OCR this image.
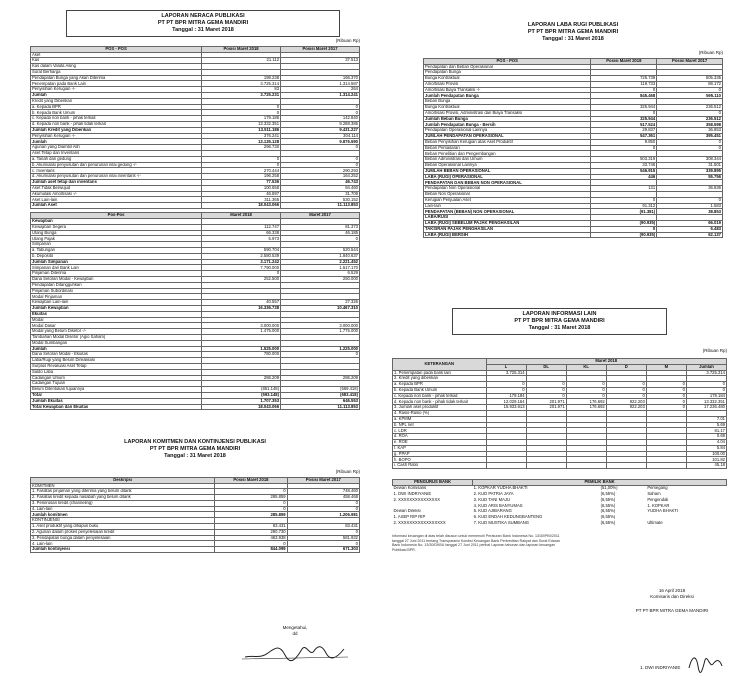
LAPORAN NERACA PUBLIKASI
PT PT BPR MITRA GEMA MANDIRI
Tanggal : 31 Maret 2018
(Ribuan Rp)
POS - POS	Posisi Maret 2018	Posisi Maret 2017
Aset		
Kas	21.112	37.513
Kas dalam Valuta Asing		
Surat Berharga		
Pendapatan Bunga yang Akan Diterima	198.238	166.370
Penempatan pada Bank Lain	3.725.314	1.314.587
Penyisihan Kerugian -/-	83	264
Jumlah	3.725.231	1.314.241
Kredit yang Diberikan		
a. Kepada BPR	0	0
b. Kepada Bank Umum	0	0
c. Kepada non bank - pihak terkait	179.186	142.840
d. Kepada non bank - pihak tidak terkait	13.332.351	9.288.386
Jumlah Kredit yang Diberikan	13.511.186	9.431.227
Penyisihan Kerugian -/-	376.241	304.114
Jumlah	13.135.128	9.876.590
Agunan yang Diambil Alih	296.730	0
Aset Tetap dan Inventaris		
a. Tanah dan gedung	0	0
b. Akumulasi penyusutan dan penurunan nilai gedung -/-	0	0
c. Inventaris	270.444	290.293
d. Akumulasi penyusutan dan penurunan nilai inventaris -/-	196.258	164.252
Jumlah aset tetap dan inventaris	77.536	46.743
Aset Tidak Berwujud	100.658	94.460
Akumulasi Amortisasi -/-	46.697	31.709
Aset Lain-lain	311.365	530.152
Jumlah Aset	18.043.066	11.113.853
Pos-Pos	Maret 2018	Maret 2017
Kewajiban		
Kewajiban Segera	112.747	81.373
Utang Bunga	66.338	46.185
Utang Pajak	5.973	0
Simpanan		
a. Tabungan	590.704	520.544
b. Deposito	2.580.539	1.840.637
Jumlah Simpanan	3.171.242	2.221.452
Simpanan dari Bank Lain	7.790.000	1.517.170
Pinjaman Diterima	0	6.529
Dana Setoran Modal - Kewajiban	252.500	250.000
Pendapatan Ditangguhkan		
Pinjaman Subordinasi		
Modal Pinjaman		
Kewajiban Lain-lain	40.557	27.326
Jumlah Kewajiban	16.336.738	10.467.310
Ekuitas		
Modal		
Modal Dasar	3.000.000	3.000.000
Modal yang Belum Disetor -/-	1.475.000	1.775.000
Tambahan Modal Disetor (Agio Saham)		
Modal Sumbangan		
Jumlah	1.525.000	1.225.000
Dana Setoran Modal - Ekuitas	780.000	0
Laba/Rugi yang Belum Direalisasi		
Surplus Revaluasi Aset Tetap		
Saldo Laba		
Cadangan Umum	286.209	286.209
Cadangan Tujuan		
Belum Ditentukan tujuannya	(851.148)	(569.418)
Total	(593.148)	(683.418)
Jumlah Ekuitas	1.707.353	646.553
Total Kewajiban dan Ekuitas	18.043.066	11.113.853
LAPORAN KOMITMEN DAN KONTINJENSI PUBLIKASI
PT PT BPR MITRA GEMA MANDIRI
Tanggal : 31 Maret 2018
(Ribuan Rp)
Deskripsi	Posisi Maret 2018	Posisi Maret 2017
KOMITMEN		
1. Fasilitas pinjaman yang diterima yang belum ditarik	0	748.460
2. Fasilitas kredit kepada nasabah yang belum ditarik	285.859	458.468
3. Penerusan kredit (channeling)	0	0
4. Lain-lain	0	0
Jumlah komitmen	285.859	1.206.981
KONTINJENSI		
1. Aset produktif yang dihapus buku	83.431	83.431
2. Agunan dalam proses penyelesaian kredit	290.730	0
3. Pendapatan bunga dalam penyelesaian	463.938	581.932
4. Lain-lain	0	0
Jumlah kontinjensi	844.099	671.303
Mengetahui,
dd
LAPORAN LABA RUGI PUBLIKASI
PT PT BPR MITRA GEMA MANDIRI
Tanggal : 31 Maret 2018
(Ribuan Rp)
POS - POS	Posisi Maret 2018	Posisi Maret 2017
Pendapatan dan Beban Operasional		
Pendapatan Bunga		
Bunga Kontraktual	725.739	505.335
Amortisasi Provisi	119.733	88.172
Amortisasi Biaya Transaksi -/-	0	0
Jumlah Pendapatan Bunga	845.468	595.110
Beban Bunga		
Bunga Kontraktual	325.944	236.512
Amortisasi Provisi, Administrasi dan Biaya Transaksi	0	0
Jumlah Beban Bunga	325.944	236.512
Jumlah Pendapatan Bunga - Bersih	517.524	358.598
Pendapatan Operasional Lainnya	29.837	36.853
JUMLAH PENDAPATAN OPERASIONAL	547.361	395.451
Beban Penyisihan Kerugian atas Aset Produktif	9.850	0
Beban Pemasaran	0	0
Beban Penelitian dan Pengembangan		
Beban Administrasi dan Umum	503.319	308.344
Beban Operasional Lainnya	33.746	31.501
JUMLAH BEBAN OPERASIONAL	546.915	339.895
LABA (RUGI) OPERASIONAL	446	55.756
PENDAPATAN DAN BEBAN NON OPERASIONAL		
Pendapatan Non Operasional	131	36.836
Beban Non Operasional		
Kerugian Penjualan Aset	0	0
Lain-lain	91.312	1.583
PENDAPATAN (BEBAN) NON OPERASIONAL	(91.381)	38.853
LABA/RUGI		
LABA (RUGI) SEBELUM PAJAK PENGHASILAN	(90.935)	66.019
TAKSIRAN PAJAK PENGHASILAN	0	6.483
LABA (RUGI) BERSIH	(90.935)	62.137
LAPORAN INFORMASI LAIN
PT PT BPR MITRA GEMA MANDIRI
Tanggal : 31 Maret 2018
(Ribuan Rp)
KETERANGAN	Maret 2018					
	L	DL	KL	D	M	Jumlah
1. Penempatan pada bank lain	3.725.314					3.725.314
2. Kredit yang diberikan						
a. Kepada BPR	0	0	0	0	0	0
b. Kepada Bank Umum	0	0	0	0	0	0
c. Kepada non bank - pihak terkait	179.184	0	0	0	0	179.184
d. Kepada non bank - pihak tidak terkait	12.029.164	201.971	176.692	922.203	0	13.332.351
3. Jumlah aset produktif	15.933.613	201.971	176.692	922.203	0	17.236.480
4. Rasio-Rasio (%)						
a. KPMM						7.01
b. NPL net						5.69
c. LDR						81.17
d. ROA						0.69
e. ROE						4.04
f. KAP						5.84
g. PPAP						100.00
h. BOPO						101.82
i. Cash Ratio						45.18
PENGURUS BANK	PEMILIK BANK		
Dewan Komisaris	1. KOPKAR YUDHA BHAKTI	(51,00%)	Pemegang
1. DWI INDRIYANIE	2. KUD PATRIA JAYA	(6,55%)	Saham
2. XXXXXXXXXXXXXXX	3. KUD TANI MAJU	(6,55%)	Pengendali
	4. KUD ARIS BANYUMAS	(6,55%)	1. KOPKAR
Dewan Direksi	5. KUD AJIBARANG	(6,55%)	YUDHA BHAKTI
1. ASEP RIP RIP	6. KUD ENDAH KEDUNGBANTENG	(6,55%)	
2. XXXXXXXXXXXXXXXXX	7. KUD MUSTIKA SUMBANG	(6,55%)	Ultimate
Informasi keuangan di atas telah disusun untuk memenuhi Peraturan Bank Indonesia No. 13/30/PBI/2011
tanggal 27 Juni 2011 tentang Transparansi Kondisi Keuangan Bank Perkreditan Rakyat dan Surat Edaran
Bank Indonesia No. 13/30/DKBU tanggal 27 Juni 2011 perihal Laporan tahunan dan laporan keuangan
Publikasi BPR.
16 April 2018
Komisaris dan Direksi
PT PT BPR MITRA GEMA MANDIRI
1. DWI INDRIYANIE
